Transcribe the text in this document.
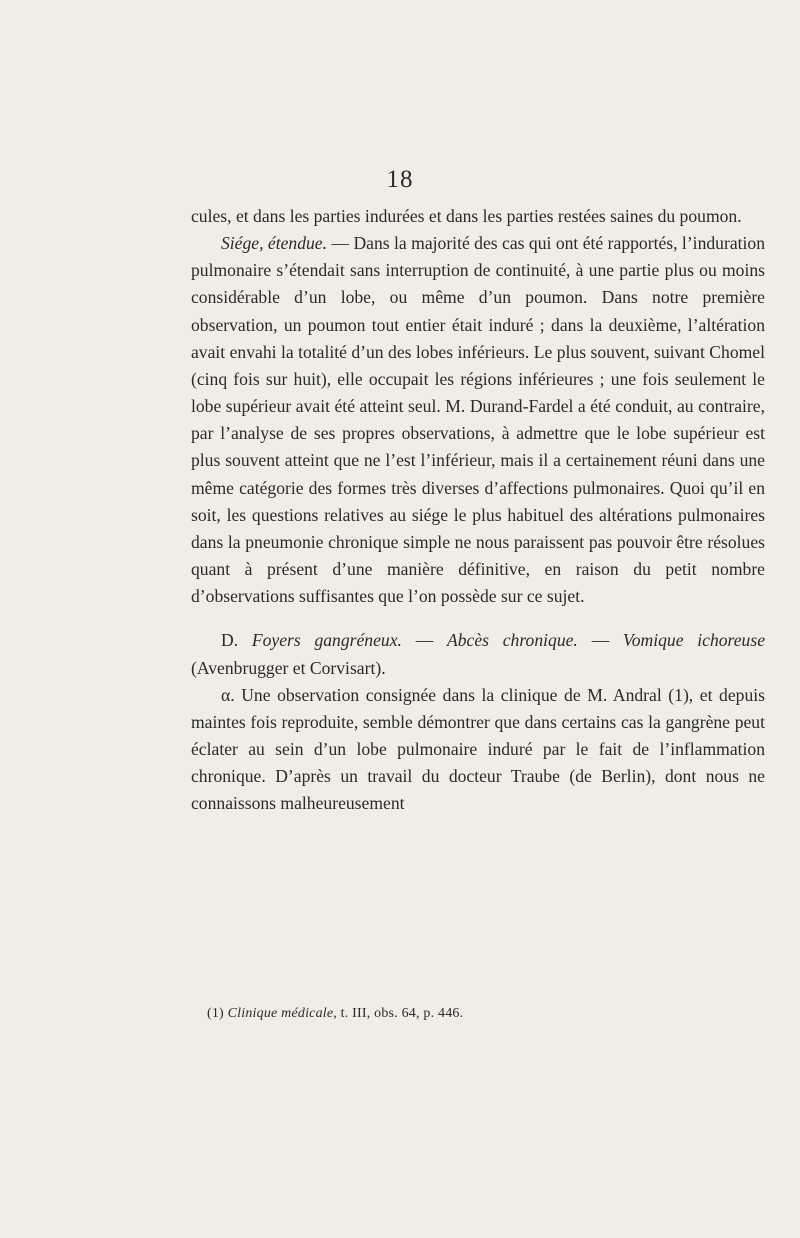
18

cules, et dans les parties indurées et dans les parties restées saines du poumon.

Siége, étendue. — Dans la majorité des cas qui ont été rapportés, l’induration pulmonaire s’étendait sans interruption de continuité, à une partie plus ou moins considérable d’un lobe, ou même d’un poumon. Dans notre première observation, un poumon tout entier était induré ; dans la deuxième, l’altération avait envahi la totalité d’un des lobes inférieurs. Le plus souvent, suivant Chomel (cinq fois sur huit), elle occupait les régions inférieures ; une fois seulement le lobe supérieur avait été atteint seul. M. Durand-Fardel a été conduit, au contraire, par l’analyse de ses propres observations, à admettre que le lobe supérieur est plus souvent atteint que ne l’est l’inférieur, mais il a certainement réuni dans une même catégorie des formes très diverses d’affections pulmonaires. Quoi qu’il en soit, les questions relatives au siége le plus habituel des altérations pulmonaires dans la pneumonie chronique simple ne nous paraissent pas pouvoir être résolues quant à présent d’une manière définitive, en raison du petit nombre d’observations suffisantes que l’on possède sur ce sujet.

D. Foyers gangréneux. — Abcès chronique. — Vomique ichoreuse (Avenbrugger et Corvisart).

α. Une observation consignée dans la clinique de M. Andral (1), et depuis maintes fois reproduite, semble démontrer que dans certains cas la gangrène peut éclater au sein d’un lobe pulmonaire induré par le fait de l’inflammation chronique. D’après un travail du docteur Traube (de Berlin), dont nous ne connaissons malheureusement

(1) Clinique médicale, t. III, obs. 64, p. 446.
